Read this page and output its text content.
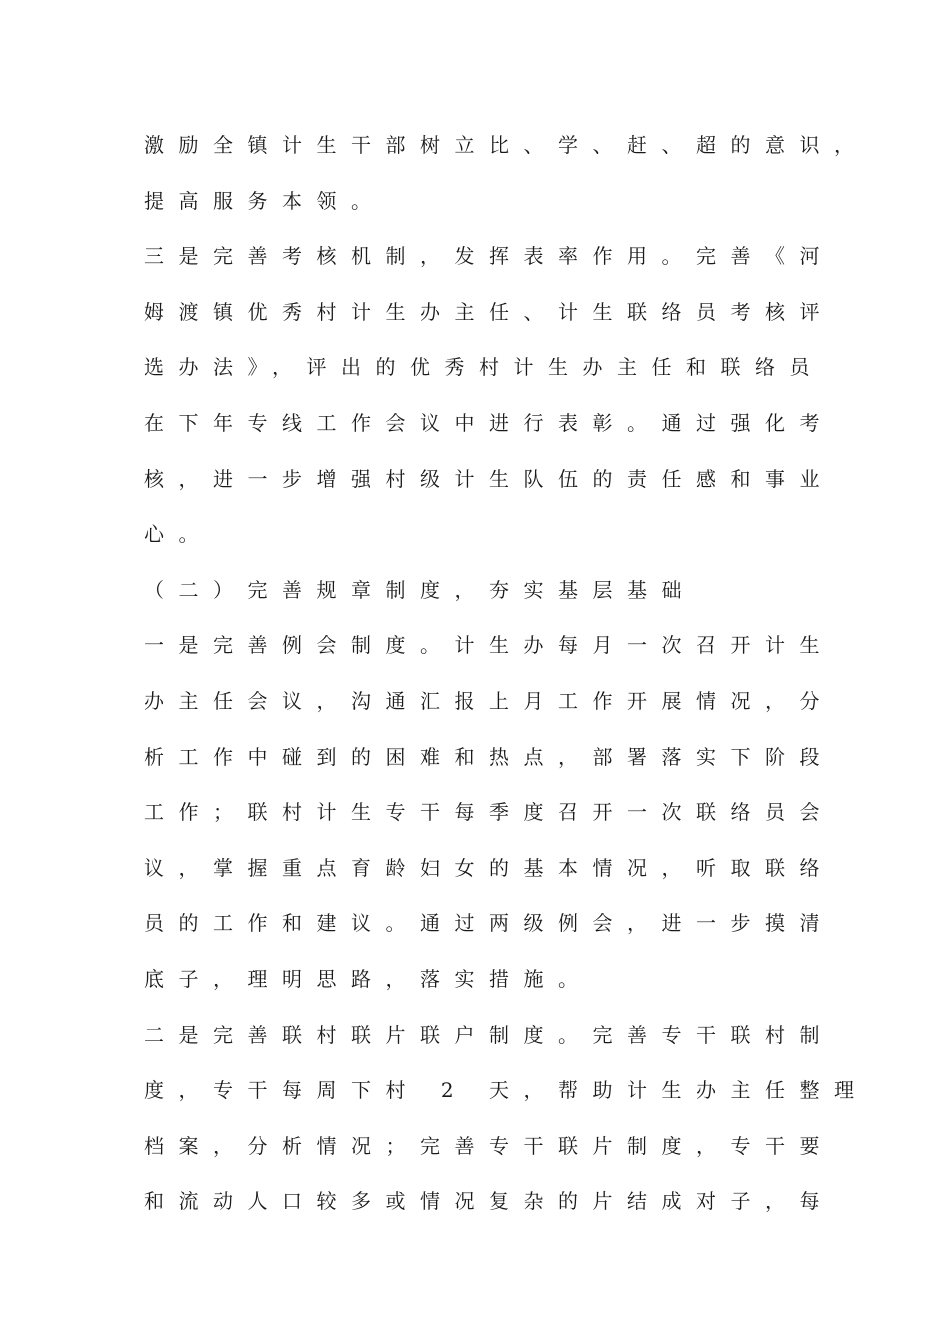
激励全镇计生干部树立比、学、赶、超的意识，
提高服务本领。
三是完善考核机制，发挥表率作用。完善《河
姆渡镇优秀村计生办主任、计生联络员考核评
选办法》，评出的优秀村计生办主任和联络员
在下年专线工作会议中进行表彰。通过强化考
核，进一步增强村级计生队伍的责任感和事业
心。
（二）完善规章制度，夯实基层基础
一是完善例会制度。计生办每月一次召开计生
办主任会议，沟通汇报上月工作开展情况，分
析工作中碰到的困难和热点，部署落实下阶段
工作；联村计生专干每季度召开一次联络员会
议，掌握重点育龄妇女的基本情况，听取联络
员的工作和建议。通过两级例会，进一步摸清
底子，理明思路，落实措施。
二是完善联村联片联户制度。完善专干联村制
度，专干每周下村 2 天，帮助计生办主任整理
档案，分析情况；完善专干联片制度，专干要
和流动人口较多或情况复杂的片结成对子，每
